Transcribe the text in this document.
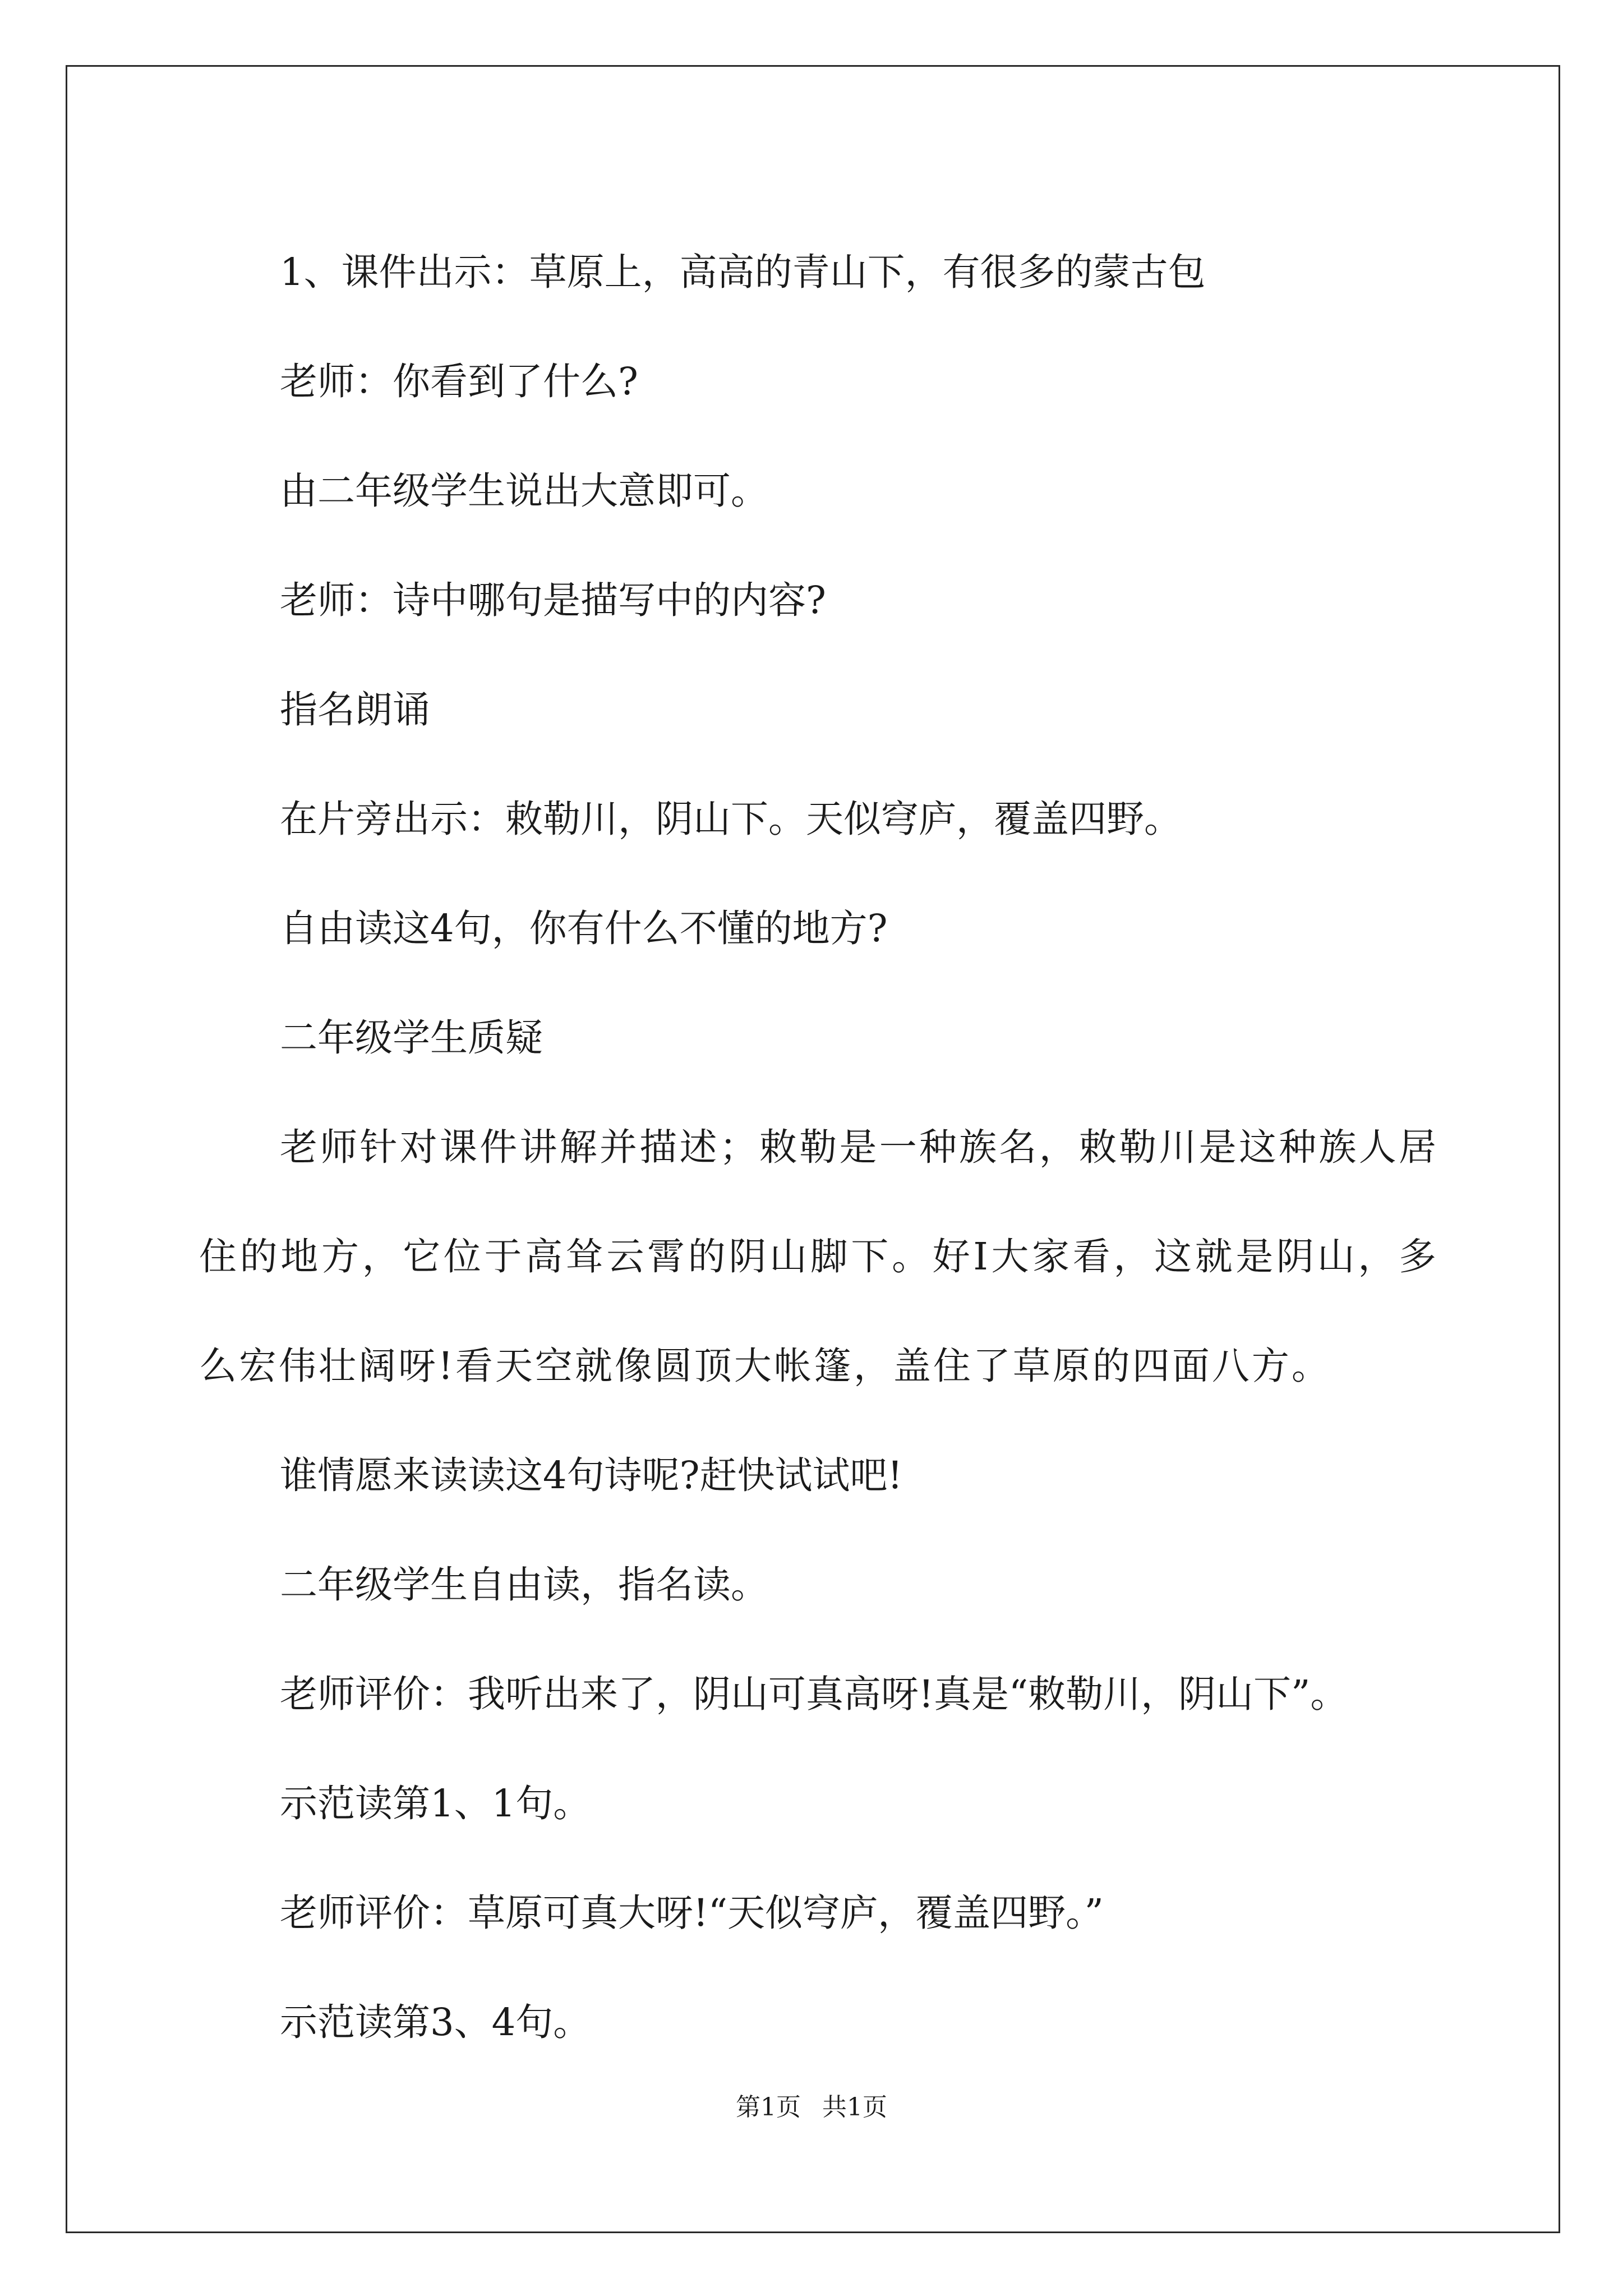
1、课件出示：草原上，高高的青山下，有很多的蒙古包

老师：你看到了什么?

由二年级学生说出大意即可。

老师：诗中哪句是描写中的内容?

指名朗诵

在片旁出示：敕勒川，阴山下。天似穹庐，覆盖四野。

自由读这4句，你有什么不懂的地方?

二年级学生质疑

老师针对课件讲解并描述；敕勒是一种族名，敕勒川是这种族人居住的地方，它位于高耸云霄的阴山脚下。好Ⅰ大家看，这就是阴山，多么宏伟壮阔呀!看天空就像圆顶大帐篷，盖住了草原的四面八方。

谁情愿来读读这4句诗呢?赶快试试吧!

二年级学生自由读，指名读。

老师评价：我听出来了，阴山可真高呀!真是“敕勒川，阴山下”。

示范读第1、1句。

老师评价：草原可真大呀!“天似穹庐，覆盖四野。”

示范读第3、4句。

第1页 共1页
